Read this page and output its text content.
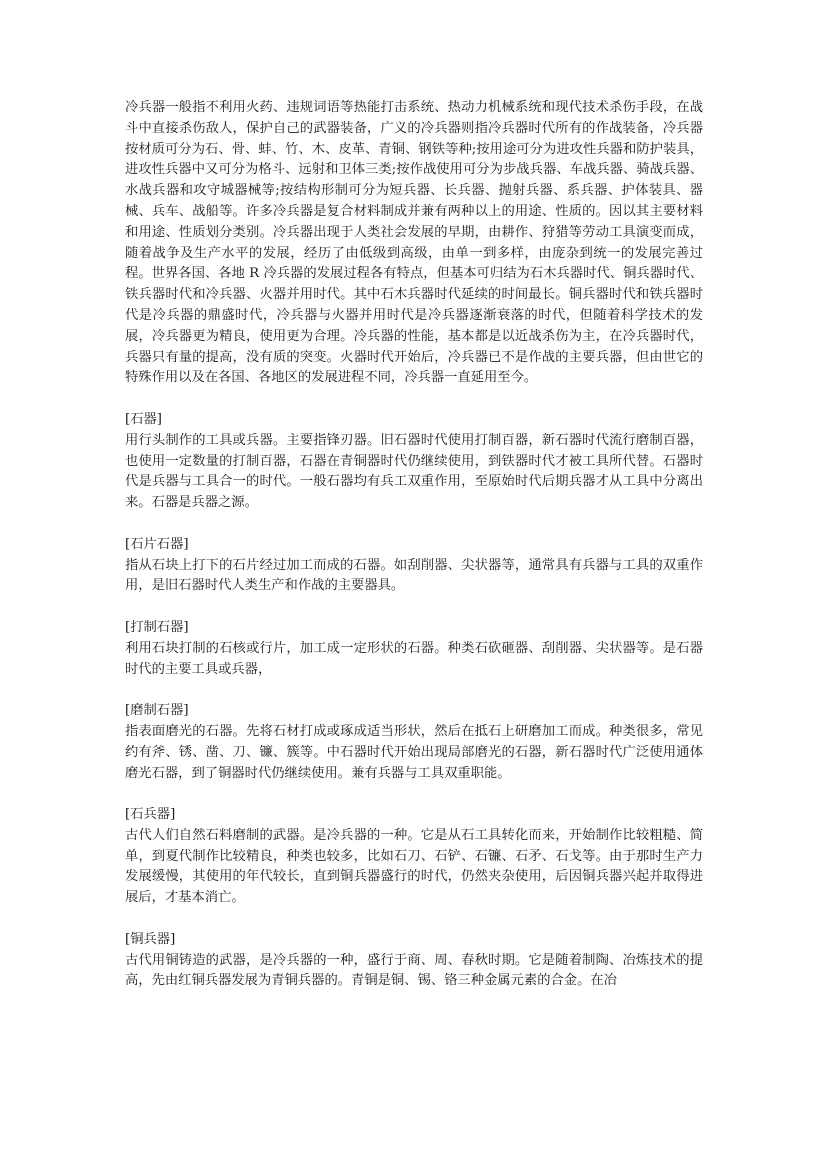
冷兵器一般指不利用火药、违规词语等热能打击系统、热动力机械系统和现代技术杀伤手段，在战斗中直接杀伤敌人，保护自己的武器装备，广义的冷兵器则指冷兵器时代所有的作战装备，冷兵器按材质可分为石、骨、蚌、竹、木、皮革、青铜、钢铁等种;按用途可分为进攻性兵器和防护装具，进攻性兵器中又可分为格斗、远射和卫体三类;按作战使用可分为步战兵器、车战兵器、骑战兵器、水战兵器和攻守城器械等;按结构形制可分为短兵器、长兵器、抛射兵器、系兵器、护体装具、器械、兵车、战船等。许多冷兵器是复合材料制成并兼有两种以上的用途、性质的。因以其主要材料和用途、性质划分类别。冷兵器出现于人类社会发展的早期，由耕作、狩猎等劳动工具演变而成，随着战争及生产水平的发展，经历了由低级到高级，由单一到多样，由庞杂到统一的发展完善过程。世界各国、各地 R 冷兵器的发展过程各有特点，但基本可归结为石木兵器时代、铜兵器时代、铁兵器时代和冷兵器、火器并用时代。其中石木兵器时代延续的时间最长。铜兵器时代和铁兵器时代是冷兵器的鼎盛时代，冷兵器与火器并用时代是冷兵器逐渐衰落的时代，但随着科学技术的发展，冷兵器更为精良，使用更为合理。冷兵器的性能，基本都是以近战杀伤为主，在冷兵器时代，兵器只有量的提高，没有质的突变。火器时代开始后，冷兵器已不是作战的主要兵器，但由世它的特殊作用以及在各国、各地区的发展进程不同，冷兵器一直延用至今。

[石器]

用行头制作的工具或兵器。主要指锋刃器。旧石器时代使用打制百器，新石器时代流行磨制百器，也使用一定数量的打制百器，石器在青铜器时代仍继续使用，到铁器时代才被工具所代替。石器时代是兵器与工具合一的时代。一般石器均有兵工双重作用，至原始时代后期兵器才从工具中分离出来。石器是兵器之源。

[石片石器]

指从石块上打下的石片经过加工而成的石器。如刮削器、尖状器等，通常具有兵器与工具的双重作用，是旧石器时代人类生产和作战的主要器具。

[打制石器]

利用石块打制的石核或行片，加工成一定形状的石器。种类石砍砸器、刮削器、尖状器等。是石器时代的主要工具或兵器，

[磨制石器]

指表面磨光的石器。先将石材打成或琢成适当形状，然后在抵石上研磨加工而成。种类很多，常见约有斧、锈、凿、刀、镰、簇等。中石器时代开始出现局部磨光的石器，新石器时代广泛使用通体磨光石器，到了铜器时代仍继续使用。兼有兵器与工具双重职能。

[石兵器]

古代人们自然石料磨制的武器。是冷兵器的一种。它是从石工具转化而来，开始制作比较粗糙、简单，到夏代制作比较精良，种类也较多，比如石刀、石铲、石镰、石矛、石戈等。由于那时生产力发展缓慢，其使用的年代较长，直到铜兵器盛行的时代，仍然夹杂使用，后因铜兵器兴起并取得进展后，才基本消亡。

[铜兵器]

古代用铜铸造的武器，是冷兵器的一种，盛行于商、周、春秋时期。它是随着制陶、冶炼技术的提高，先由红铜兵器发展为青铜兵器的。青铜是铜、锡、铬三种金属元素的合金。在冶
